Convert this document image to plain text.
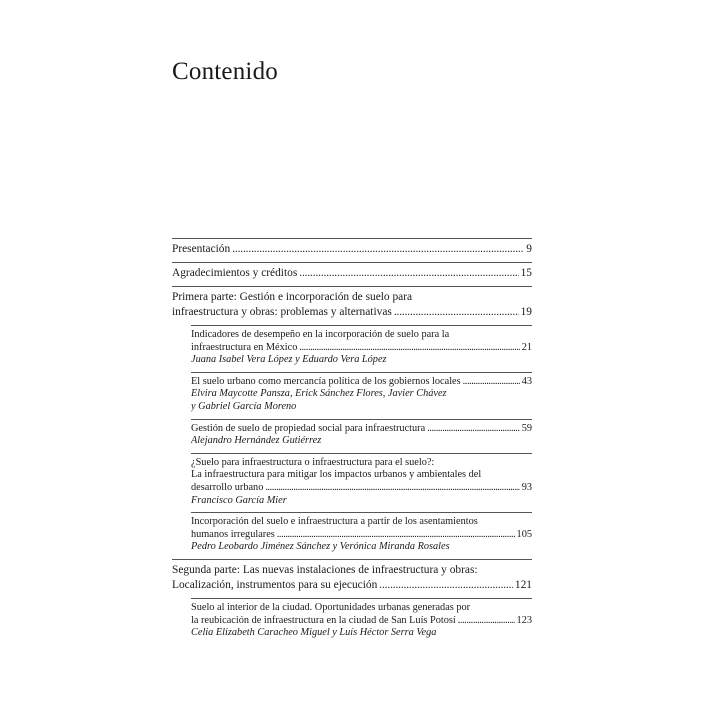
Contenido
Presentación . . .	9
Agradecimientos y créditos . . .	15
Primera parte: Gestión e incorporación de suelo para
infraestructura y obras: problemas y alternativas . . .	19
Indicadores de desempeño en la incorporación de suelo para la
infraestructura en México . . .	21
Juana Isabel Vera López y Eduardo Vera López
El suelo urbano como mercancía política de los gobiernos locales . . .	43
Elvira Maycotte Pansza, Erick Sánchez Flores, Javier Chávez
y Gabriel García Moreno
Gestión de suelo de propiedad social para infraestructura . . .	59
Alejandro Hernández Gutiérrez
¿Suelo para infraestructura o infraestructura para el suelo?:
La infraestructura para mitigar los impactos urbanos y ambientales del
desarrollo urbano . . .	93
Francisco García Mier
Incorporación del suelo e infraestructura a partir de los asentamientos
humanos irregulares . . .	105
Pedro Leobardo Jiménez Sánchez y Verónica Miranda Rosales
Segunda parte: Las nuevas instalaciones de infraestructura y obras:
Localización, instrumentos para su ejecución . . .	121
Suelo al interior de la ciudad. Oportunidades urbanas generadas por
la reubicación de infraestructura en la ciudad de San Luís Potosí . . .	123
Celia Elizabeth Caracheo Miguel y Luís Héctor Serra Vega
